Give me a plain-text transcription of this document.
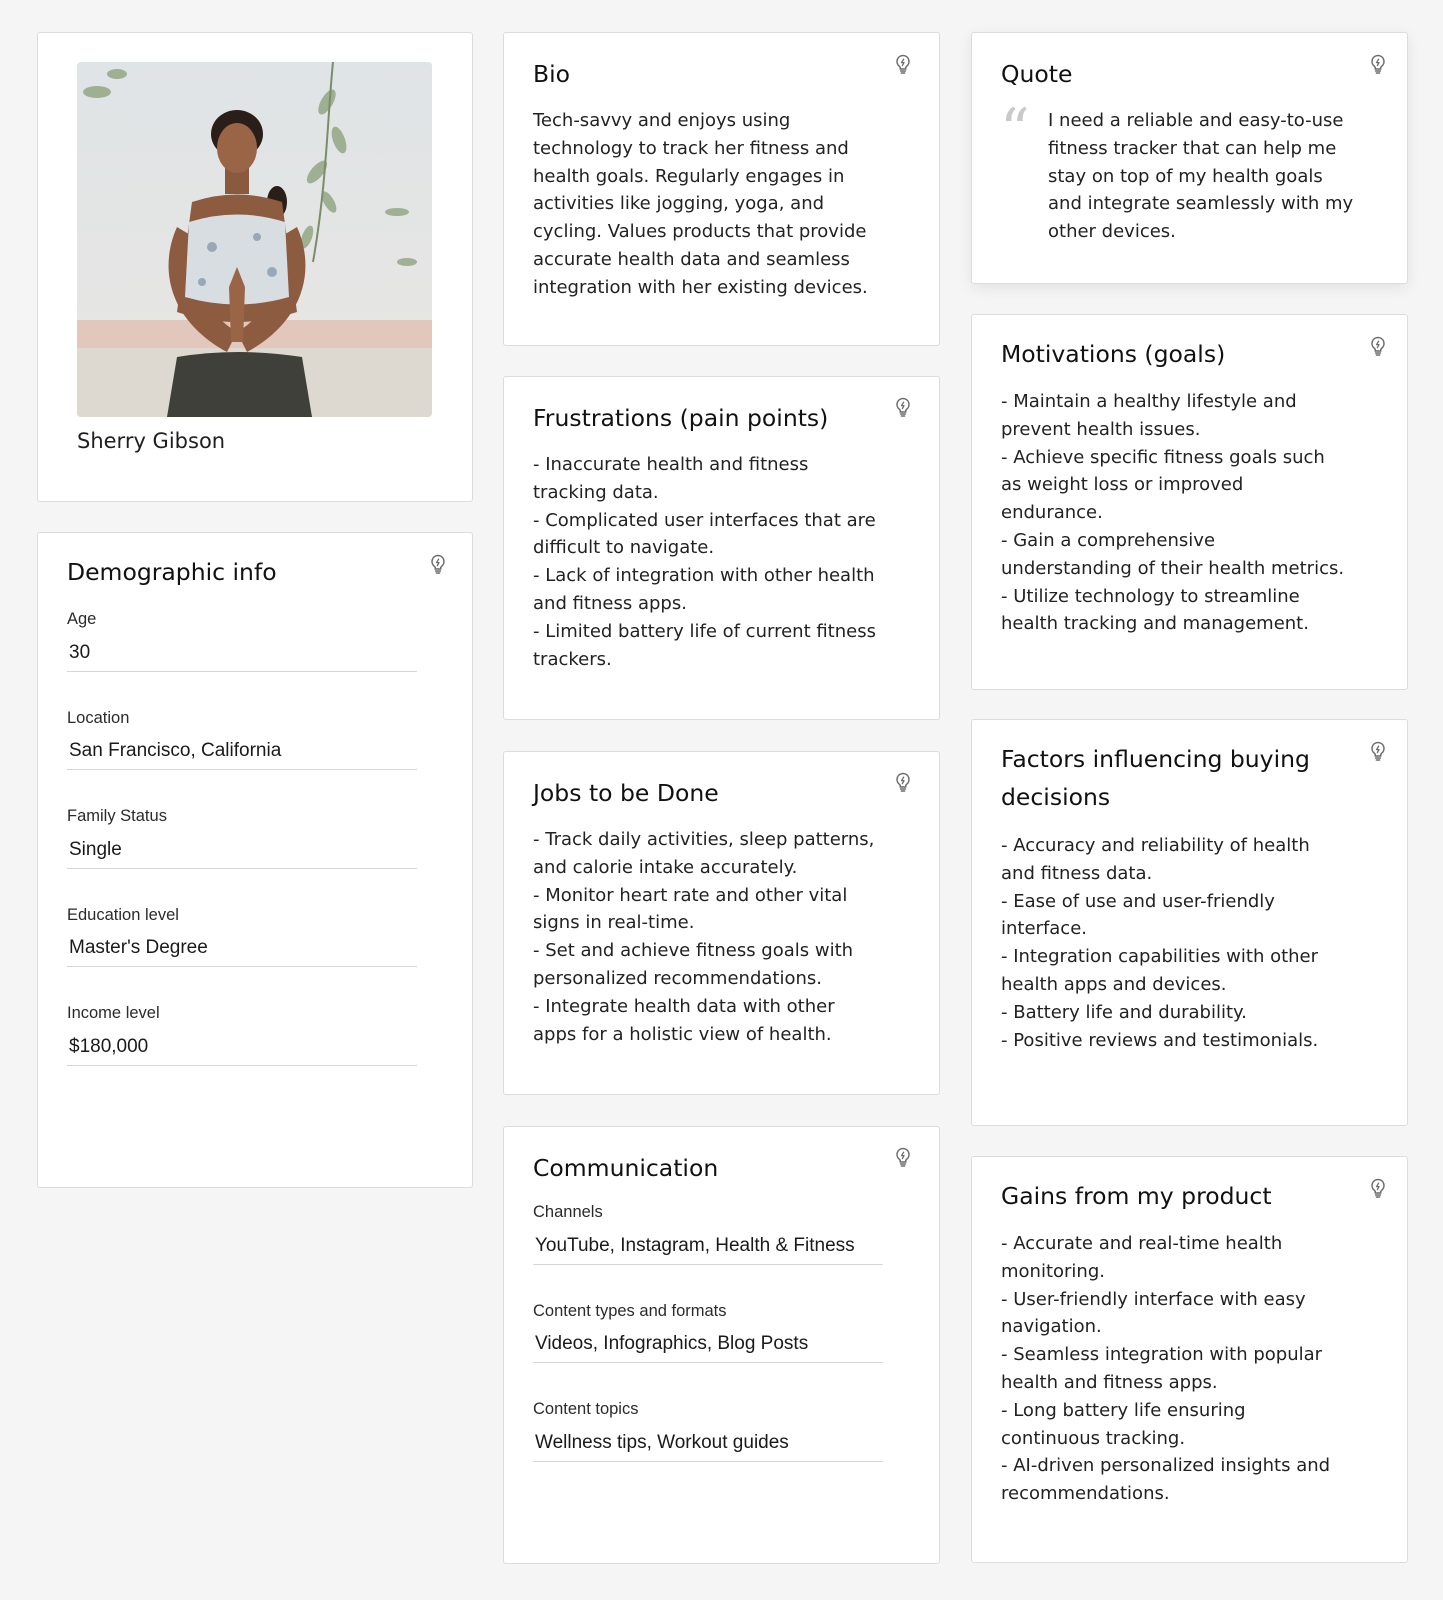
Sherry Gibson
Demographic info
Age
30
Location
San Francisco, California
Family Status
Single
Education level
Master's Degree
Income level
$180,000
Bio
Tech-savvy and enjoys using
technology to track her fitness and
health goals. Regularly engages in
activities like jogging, yoga, and
cycling. Values products that provide
accurate health data and seamless
integration with her existing devices.
Frustrations (pain points)
- Inaccurate health and fitness
tracking data.
- Complicated user interfaces that are
difficult to navigate.
- Lack of integration with other health
and fitness apps.
- Limited battery life of current fitness
trackers.
Jobs to be Done
- Track daily activities, sleep patterns,
and calorie intake accurately.
- Monitor heart rate and other vital
signs in real-time.
- Set and achieve fitness goals with
personalized recommendations.
- Integrate health data with other
apps for a holistic view of health.
Communication
Channels
YouTube, Instagram, Health & Fitness
Content types and formats
Videos, Infographics, Blog Posts
Content topics
Wellness tips, Workout guides
Quote
“ I need a reliable and easy-to-use
fitness tracker that can help me
stay on top of my health goals
and integrate seamlessly with my
other devices.
Motivations (goals)
- Maintain a healthy lifestyle and
prevent health issues.
- Achieve specific fitness goals such
as weight loss or improved
endurance.
- Gain a comprehensive
understanding of their health metrics.
- Utilize technology to streamline
health tracking and management.
Factors influencing buying
decisions
- Accuracy and reliability of health
and fitness data.
- Ease of use and user-friendly
interface.
- Integration capabilities with other
health apps and devices.
- Battery life and durability.
- Positive reviews and testimonials.
Gains from my product
- Accurate and real-time health
monitoring.
- User-friendly interface with easy
navigation.
- Seamless integration with popular
health and fitness apps.
- Long battery life ensuring
continuous tracking.
- AI-driven personalized insights and
recommendations.
